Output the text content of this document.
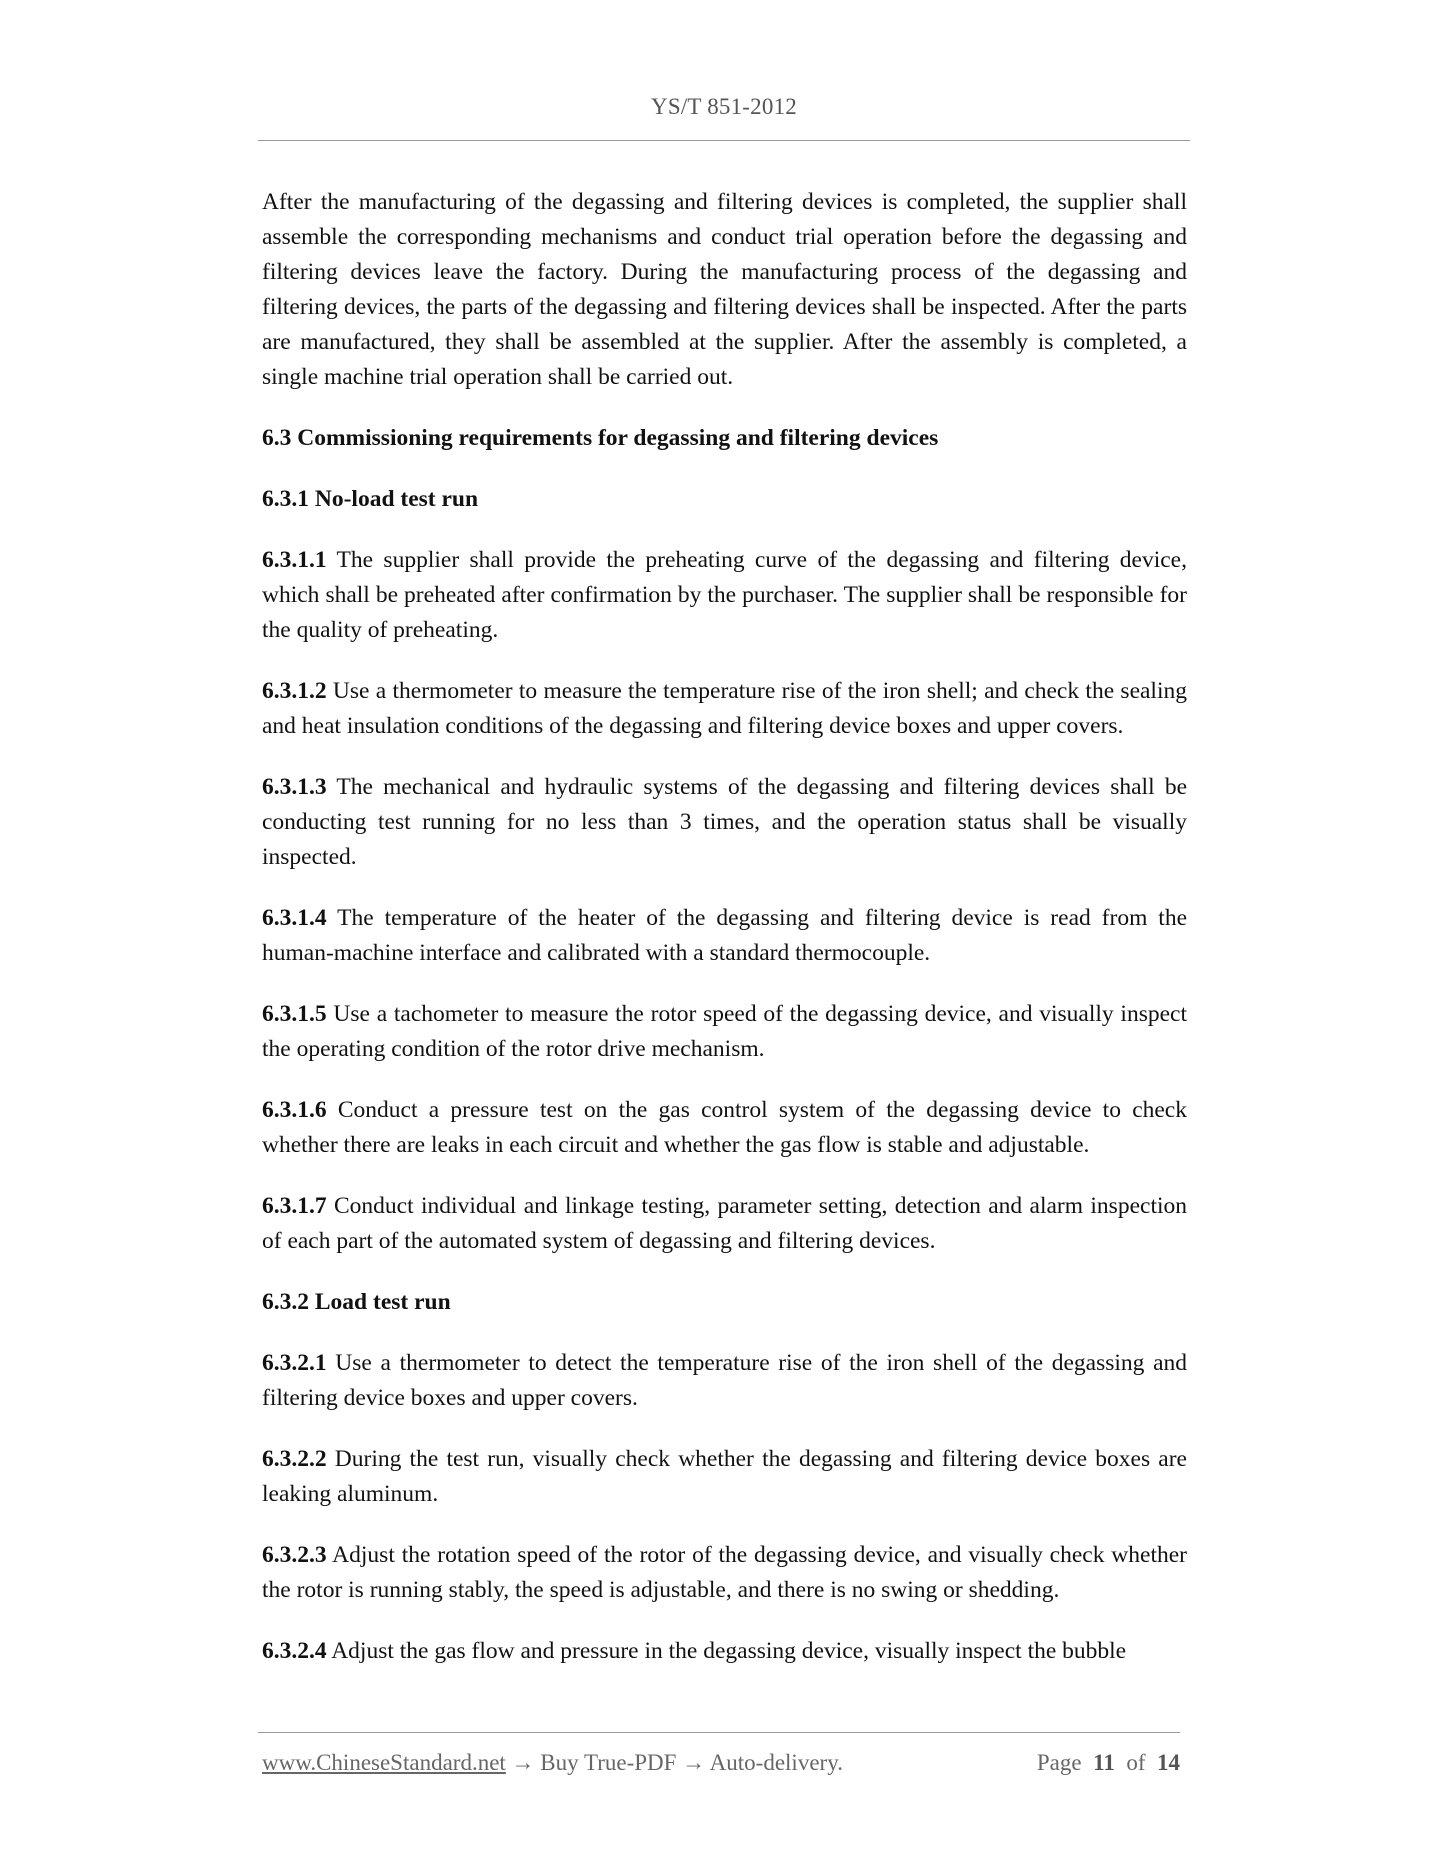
YS/T 851-2012

After the manufacturing of the degassing and filtering devices is completed, the supplier shall assemble the corresponding mechanisms and conduct trial operation before the degassing and filtering devices leave the factory. During the manufacturing process of the degassing and filtering devices, the parts of the degassing and filtering devices shall be inspected. After the parts are manufactured, they shall be assembled at the supplier. After the assembly is completed, a single machine trial operation shall be carried out.

6.3 Commissioning requirements for degassing and filtering devices
6.3.1 No-load test run

6.3.1.1 The supplier shall provide the preheating curve of the degassing and filtering device, which shall be preheated after confirmation by the purchaser. The supplier shall be responsible for the quality of preheating.

6.3.1.2 Use a thermometer to measure the temperature rise of the iron shell; and check the sealing and heat insulation conditions of the degassing and filtering device boxes and upper covers.

6.3.1.3 The mechanical and hydraulic systems of the degassing and filtering devices shall be conducting test running for no less than 3 times, and the operation status shall be visually inspected.

6.3.1.4 The temperature of the heater of the degassing and filtering device is read from the human-machine interface and calibrated with a standard thermocouple.

6.3.1.5 Use a tachometer to measure the rotor speed of the degassing device, and visually inspect the operating condition of the rotor drive mechanism.

6.3.1.6 Conduct a pressure test on the gas control system of the degassing device to check whether there are leaks in each circuit and whether the gas flow is stable and adjustable.

6.3.1.7 Conduct individual and linkage testing, parameter setting, detection and alarm inspection of each part of the automated system of degassing and filtering devices.

6.3.2 Load test run

6.3.2.1 Use a thermometer to detect the temperature rise of the iron shell of the degassing and filtering device boxes and upper covers.

6.3.2.2 During the test run, visually check whether the degassing and filtering device boxes are leaking aluminum.

6.3.2.3 Adjust the rotation speed of the rotor of the degassing device, and visually check whether the rotor is running stably, the speed is adjustable, and there is no swing or shedding.

6.3.2.4 Adjust the gas flow and pressure in the degassing device, visually inspect the bubble

www.ChineseStandard.net → Buy True-PDF → Auto-delivery.	Page 11 of 14
